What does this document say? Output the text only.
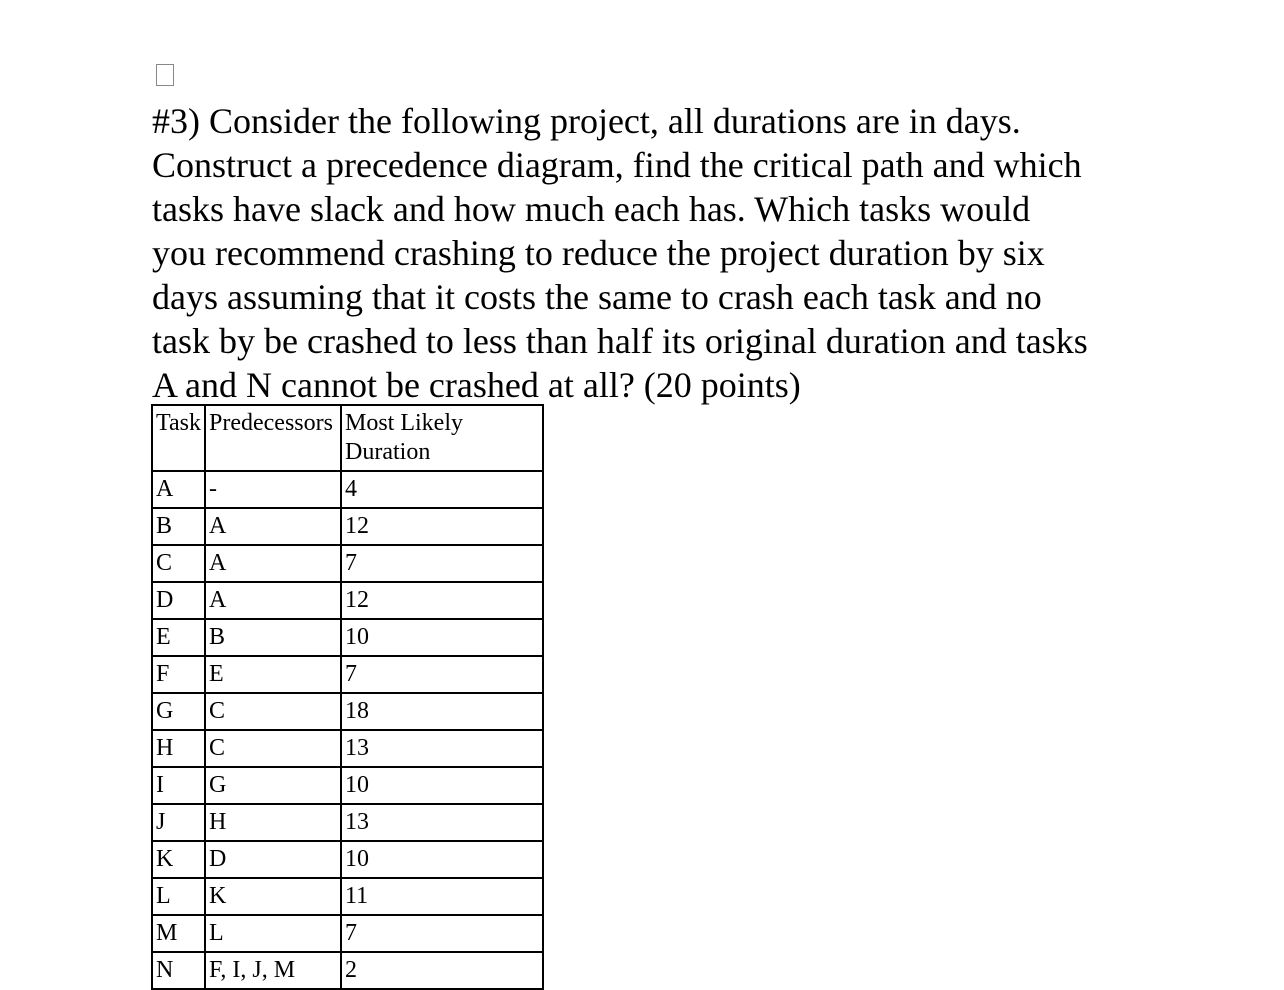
#3) Consider the following project, all durations are in days.
Construct a precedence diagram, find the critical path and which
tasks have slack and how much each has. Which tasks would
you recommend crashing to reduce the project duration by six
days assuming that it costs the same to crash each task and no
task by be crashed to less than half its original duration and tasks
A and N cannot be crashed at all? (20 points)

Task	Predecessors	Most Likely
Duration

A	-	4
B	A	12
C	A	7
D	A	12
E	B	10
F	E	7
G	C	18
H	C	13
I	G	10
J	H	13
K	D	10
L	K	11
M	L	7
N	F, I, J, M	2
